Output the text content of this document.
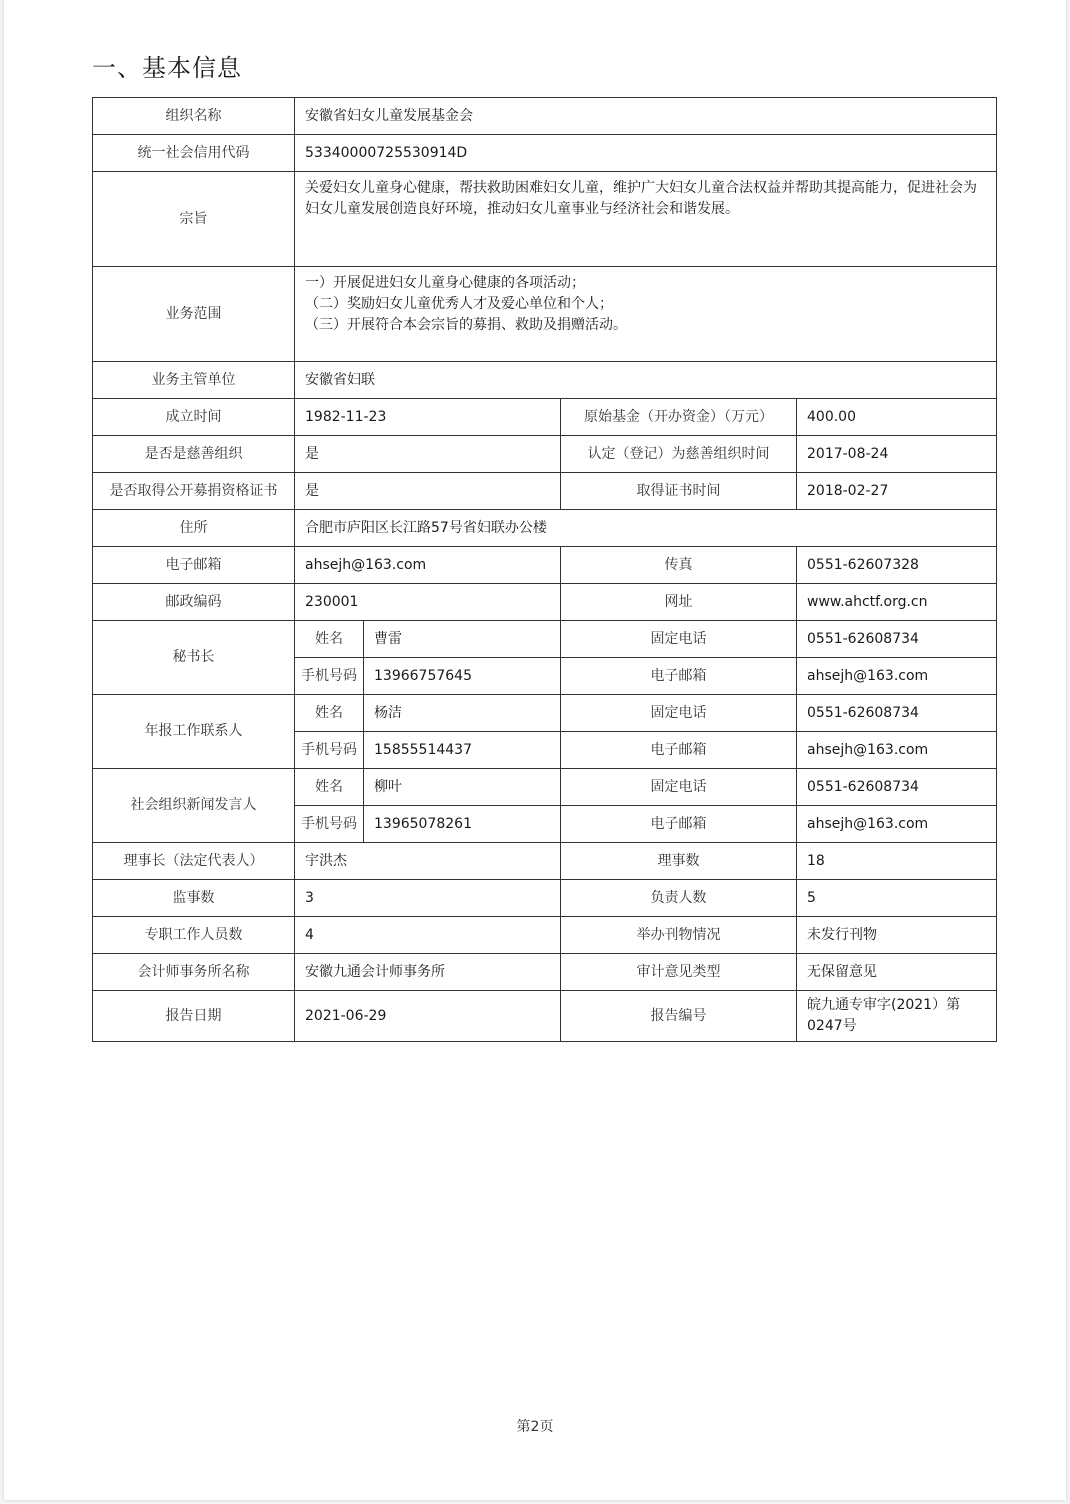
一、基本信息
组织名称	安徽省妇女儿童发展基金会			
统一社会信用代码	53340000725530914D			
宗旨	关爱妇女儿童身心健康，帮扶救助困难妇女儿童，维护广大妇女儿童合法权益并帮助其提高能力，促进社会为妇女儿童发展创造良好环境，推动妇女儿童事业与经济社会和谐发展。			
业务范围	一）开展促进妇女儿童身心健康的各项活动；
（二）奖励妇女儿童优秀人才及爱心单位和个人；
（三）开展符合本会宗旨的募捐、救助及捐赠活动。			
业务主管单位	安徽省妇联			
成立时间	1982-11-23		原始基金（开办资金）（万元）	400.00
是否是慈善组织	是		认定（登记）为慈善组织时间	2017-08-24
是否取得公开募捐资格证书	是		取得证书时间	2018-02-27
住所	合肥市庐阳区长江路57号省妇联办公楼			
电子邮箱	ahsejh@163.com		传真	0551-62607328
邮政编码	230001		网址	www.ahctf.org.cn
秘书长	姓名	曹雷	固定电话	0551-62608734
	手机号码	13966757645	电子邮箱	ahsejh@163.com
年报工作联系人	姓名	杨洁	固定电话	0551-62608734
	手机号码	15855514437	电子邮箱	ahsejh@163.com
社会组织新闻发言人	姓名	柳叶	固定电话	0551-62608734
	手机号码	13965078261	电子邮箱	ahsejh@163.com
理事长（法定代表人）	宇洪杰		理事数	18
监事数	3		负责人数	5
专职工作人员数	4		举办刊物情况	未发行刊物
会计师事务所名称	安徽九通会计师事务所		审计意见类型	无保留意见
报告日期	2021-06-29		报告编号	皖九通专审字(2021）第0247号
第2页
